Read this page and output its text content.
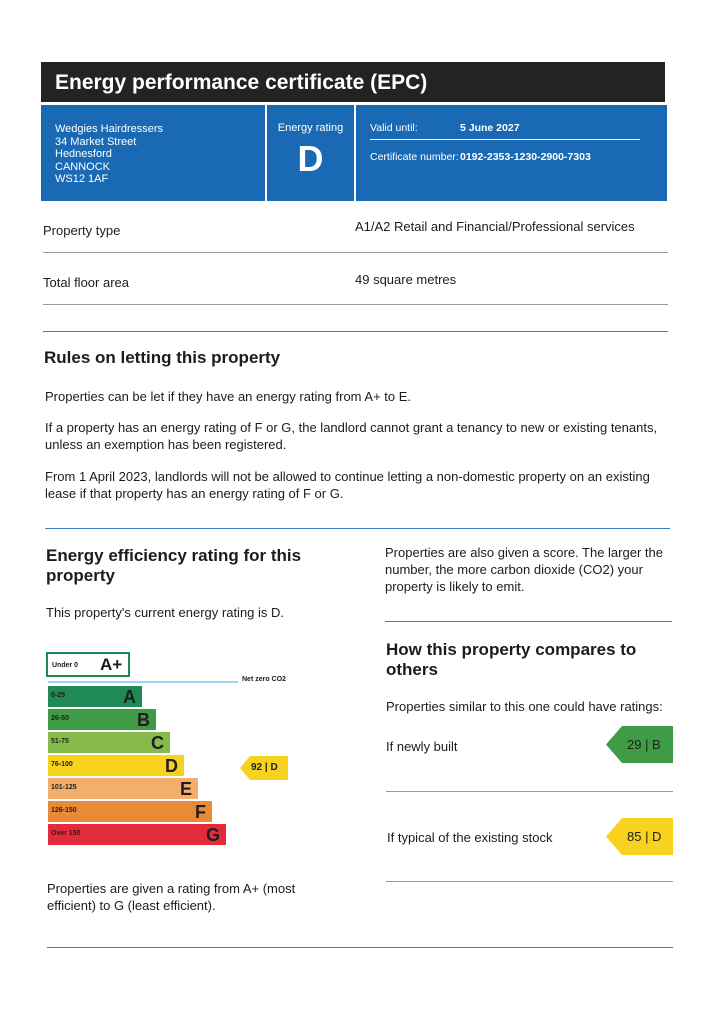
Energy performance certificate (EPC)
Wedgies Hairdressers
34 Market Street
Hednesford
CANNOCK
WS12 1AF
Energy rating
D
Valid until:	5 June 2027
Certificate number: 0192-2353-1230-2900-7303
Property type	A1/A2 Retail and Financial/Professional services
Total floor area	49 square metres
Rules on letting this property
Properties can be let if they have an energy rating from A+ to E.
If a property has an energy rating of F or G, the landlord cannot grant a tenancy to new or existing tenants, unless an exemption has been registered.
From 1 April 2023, landlords will not be allowed to continue letting a non-domestic property on an existing lease if that property has an energy rating of F or G.
Energy efficiency rating for this property
This property's current energy rating is D.
Under 0 A+
Net zero CO2
0-25	A
26-50	B
51-75	C
76-100	D
101-125	E
126-150	F
Over 150	G
92 | D
Properties are given a rating from A+ (most efficient) to G (least efficient).
Properties are also given a score. The larger the number, the more carbon dioxide (CO2) your property is likely to emit.
How this property compares to others
Properties similar to this one could have ratings:
If newly built	29 | B
If typical of the existing stock	85 | D
